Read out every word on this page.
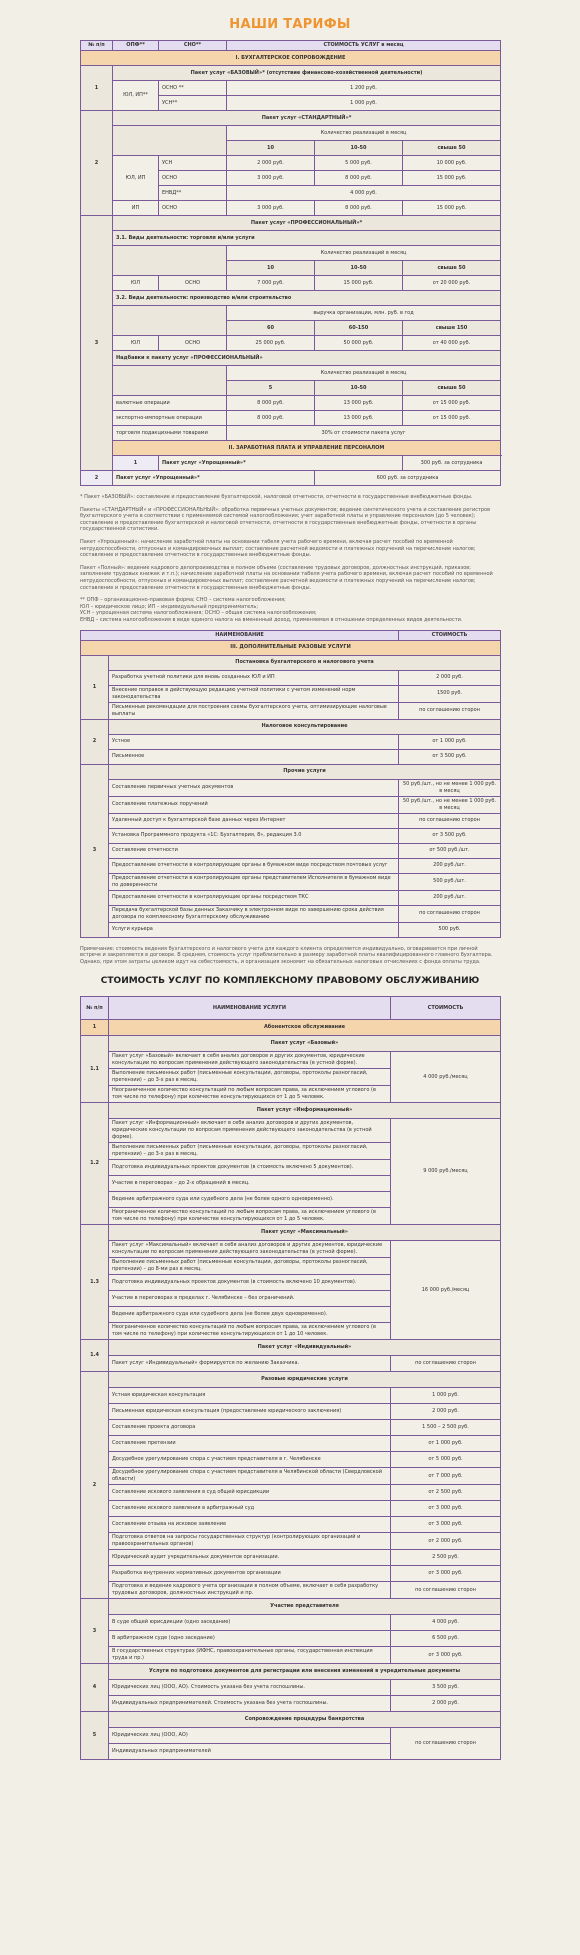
НАШИ ТАРИФЫ
№ п/п	ОПФ**	СНО**	СТОИМОСТЬ УСЛУГ в месяц		
I. БУХГАЛТЕРСКОЕ СОПРОВОЖДЕНИЕ					
1	Пакет услуг «БАЗОВЫЙ»* (отсутствие финансово-хозяйственной деятельности)				
	ЮЛ, ИП**	ОСНО **	1 200 руб.		
		УСН**	1 000 руб.		
2	Пакет услуг «СТАНДАРТНЫЙ»*				
			Количество реализаций в месяц		
			10	10-50	свыше 50
	ЮЛ, ИП	УСН	2 000 руб.	5 000 руб.	10 000 руб.
		ОСНО	3 000 руб.	8 000 руб.	15 000 руб.
		ЕНВД**	4 000 руб.		
	ИП	ОСНО	3 000 руб.	8 000 руб.	15 000 руб.
3	Пакет услуг «ПРОФЕССИОНАЛЬНЫЙ»*				
	3.1. Виды деятельности: торговля и/или услуги				
			Количество реализаций в месяц		
			10	10-50	свыше 50
	ЮЛ	ОСНО	7 000 руб.	15 000 руб.	от 20 000 руб.
	3.2. Виды деятельности: производство и/или строительство				
			выручка организации, млн. руб. в год		
			60	60-150	свыше 150
	ЮЛ	ОСНО	25 000 руб.	50 000 руб.	от 40 000 руб.
	Надбавки к пакету услуг «ПРОФЕССИОНАЛЬНЫЙ»				
			Количество реализаций в месяц		
			5	10-50	свыше 50
	валютные операции		8 000 руб.	13 000 руб.	от 15 000 руб.
	экспортно-импортные операции		8 000 руб.	13 000 руб.	от 15 000 руб.
	торговля подакцизными товарами		30% от стоимости пакета услуг		
	II. ЗАРАБОТНАЯ ПЛАТА И УПРАВЛЕНИЕ ПЕРСОНАЛОМ				
	1	Пакет услуг «Упрощенный»*			300 руб. за сотрудника
2	Пакет услуг «Упрощенный»*			600 руб. за сотрудника	

* Пакет «БАЗОВЫЙ»: составление и предоставление бухгалтерской, налоговой отчетности, отчетности в государственные внебюджетные фонды.

Пакеты «СТАНДАРТНЫЙ» и «ПРОФЕССИОНАЛЬНЫЙ»: обработка первичных учетных документов; ведение синтетического учета и составление регистров бухгалтерского учета в соответствии с применяемой системой налогообложения; учет заработной платы и управление персоналом (до 5 человек); составление и предоставление бухгалтерской и налоговой отчетности, отчетности в государственные внебюджетные фонды, отчетности в органы государственной статистики.

Пакет «Упрощенный»: начисление заработной платы на основании табеля учета рабочего времени, включая расчет пособий по временной нетрудоспособности, отпускных и командировочных выплат; составление расчетной ведомости и платежных поручений на перечисление налогов; составление и предоставление отчетности в государственные внебюджетные фонды.

Пакет «Полный»: ведение кадрового делопроизводства в полном объеме (составление трудовых договоров, должностных инструкций, приказов; заполнение трудовых книжек и т.п.); начисление заработной платы на основании табеля учета рабочего времени, включая расчет пособий по временной нетрудоспособности, отпускных и командировочных выплат; составление расчетной ведомости и платежных поручений на перечисление налогов; составление и предоставление отчетности в государственные внебюджетные фонды.

** ОПФ – организационно-правовая форма; СНО – система налогообложения;
ЮЛ – юридическое лицо; ИП – индивидуальный предприниматель;
УСН – упрощенная система налогообложения; ОСНО – общая система налогообложения;
ЕНВД – система налогообложения в виде единого налога на вмененный доход, применяемая в отношении определенных видов деятельности.

НАИМЕНОВАНИЕ		СТОИМОСТЬ
III. ДОПОЛНИТЕЛЬНЫЕ РАЗОВЫЕ УСЛУГИ		
1	Постановка бухгалтерского и налогового учета	
	Разработка учетной политики для вновь созданных ЮЛ и ИП	2 000 руб.
	Внесение поправок в действующую редакцию учетной политики с учетом изменений норм законодательства	1500 руб.
	Письменные рекомендации для построения схемы бухгалтерского учета, оптимизирующие налоговые выплаты	по соглашению сторон
2	Налоговое консультирование	
	Устное	от 1 000 руб.
	Письменное	от 3 500 руб.
3	Прочие услуги	
	Составление первичных учетных документов	50 руб./шт., но не менее 1 000 руб. в месяц
	Составление платежных поручений	50 руб./шт., но не менее 1 000 руб. в месяц
	Удаленный доступ к бухгалтерской базе данных через Интернет	по соглашению сторон
	Установка Программного продукта «1С: Бухгалтерия, 8», редакция 3.0	от 3 500 руб.
	Составление отчетности	от 500 руб./шт.
	Предоставление отчетности в контролирующие органы в бумажном виде посредством почтовых услуг	200 руб./шт.
	Предоставление отчетности в контролирующие органы представителем Исполнителя в бумажном виде по доверенности	500 руб./шт.
	Предоставление отчетности в контролирующие органы посредством ТКС	200 руб./шт.
	Передача бухгалтерской базы данных Заказчику в электронном виде по завершению срока действия договора по комплексному бухгалтерскому обслуживанию	по соглашению сторон
	Услуги курьера	500 руб.

Примечание: стоимость ведения бухгалтерского и налогового учета для каждого клиента определяется индивидуально, оговаривается при личной встрече и закрепляется в договоре. В среднем, стоимость услуг приблизительно в размеру заработной платы квалифицированного главного бухгалтера. Однако, при этом затраты целиком идут на себестоимость, и организация экономит на обязательных налоговых отчислениях с фонда оплаты труда.

СТОИМОСТЬ УСЛУГ ПО КОМПЛЕКСНОМУ ПРАВОВОМУ ОБСЛУЖИВАНИЮ
№ п/п	НАИМЕНОВАНИЕ УСЛУГИ	СТОИМОСТЬ
1	Абонентское обслуживание	
1.1	Пакет услуг «Базовый»	
	Пакет услуг «Базовый» включает в себя анализ договоров и других документов, юридические консультации по вопросам применения действующего законодательства (в устной форме).	4 000 руб./месяц
	Выполнение письменных работ (письменные консультации, договоры, протоколы разногласий, претензии) – до 3-х раз в месяц.	
	Неограниченное количество консультаций по любым вопросам права, за исключением углового (в том числе по телефону) при количестве консультирующихся от 1 до 5 человек.	
1.2	Пакет услуг «Информационный»	
	Пакет услуг «Информационный» включает в себя анализ договоров и других документов, юридические консультации по вопросам применения действующего законодательства (в устной форме).	9 000 руб./месяц
	Выполнение письменных работ (письменные консультации, договоры, протоколы разногласий, претензии) – до 3-х раз в месяц.	
	Подготовка индивидуальных проектов документов (в стоимость включено 5 документов).	
	Участие в переговорах – до 2-х обращений в месяц.	
	Ведение арбитражного суда или судебного дела (не более одного одновременно).	
	Неограниченное количество консультаций по любым вопросам права, за исключением углового (в том числе по телефону) при количестве консультирующихся от 1 до 5 человек.	
1.3	Пакет услуг «Максимальный»	
	Пакет услуг «Максимальный» включает в себя анализ договоров и других документов, юридические консультации по вопросам применения действующего законодательства (в устной форме).	16 000 руб./месяц
	Выполнение письменных работ (письменные консультации, договоры, протоколы разногласий, претензии) – до 8-ми раз в месяц.	
	Подготовка индивидуальных проектов документов (в стоимость включено 10 документов).	
	Участие в переговорах в пределах г. Челябинске – без ограничений.	
	Ведение арбитражного суда или судебного дела (не более двух одновременно).	
	Неограниченное количество консультаций по любым вопросам права, за исключением углового (в том числе по телефону) при количестве консультирующихся от 1 до 10 человек.	
1.4	Пакет услуг «Индивидуальный»	
	Пакет услуг «Индивидуальный» формируется по желанию Заказчика.	по соглашению сторон
2	Разовые юридические услуги	
	Устная юридическая консультация	1 000 руб.
	Письменная юридическая консультация (предоставление юридического заключения)	2 000 руб.
	Составление проекта договора	1 500 – 2 500 руб.
	Составление претензии	от 1 000 руб.
	Досудебное урегулирование спора с участием представителя в г. Челябинске	от 5 000 руб.
	Досудебное урегулирование спора с участием представителя в Челябинской области (Свердловской области)	от 7 000 руб.
	Составление искового заявления в суд общей юрисдикции	от 2 500 руб.
	Составление искового заявления в арбитражный суд	от 3 000 руб.
	Составление отзыва на исковое заявление	от 3 000 руб.
	Подготовка ответов на запросы государственных структур (контролирующих организаций и правоохранительных органов)	от 2 000 руб.
	Юридический аудит учредительных документов организации.	2 500 руб.
	Разработка внутренних нормативных документов организации	от 3 000 руб.
	Подготовка и ведение кадрового учета организации в полном объеме, включает в себя разработку трудовых договоров, должностных инструкций и пр.	по соглашению сторон
3	Участие представителя	
	В суде общей юрисдикции (одно заседание)	4 000 руб.
	В арбитражном суде (одно заседание)	6 500 руб.
	В государственных структурах (ИФНС, правоохранительные органы, государственная инспекция труда и пр.)	от 3 000 руб.
4	Услуги по подготовке документов для регистрации или внесения изменений в учредительные документы	
	Юридических лиц (ООО, АО). Стоимость указана без учета госпошлины.	3 500 руб.
	Индивидуальных предпринимателей. Стоимость указана без учета госпошлины.	2 000 руб.
5	Сопровождение процедуры банкротства	
	Юридических лиц (ООО, АО)	по соглашению сторон
	Индивидуальных предпринимателей	
